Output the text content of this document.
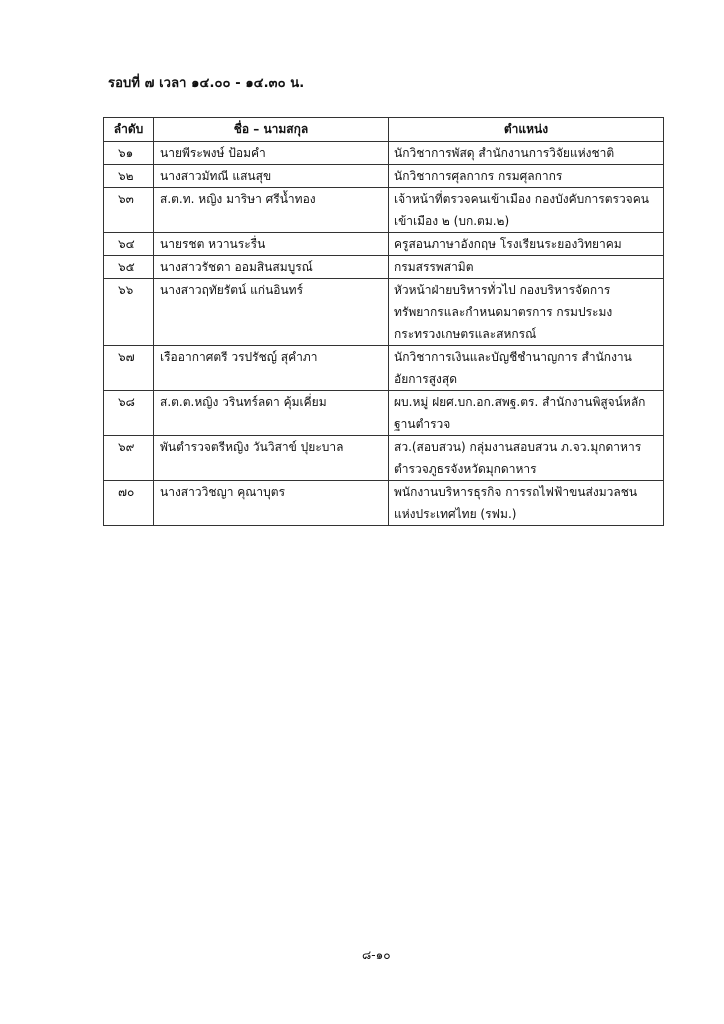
รอบที่ ๗ เวลา ๑๔.๐๐ - ๑๔.๓๐ น.
ลำดับ	ชื่อ – นามสกุล	ตำแหน่ง
๖๑	นายพีระพงษ์ ป้อมคำ	นักวิชาการพัสดุ สำนักงานการวิจัยแห่งชาติ
๖๒	นางสาวมัทณี แสนสุข	นักวิชาการศุลกากร กรมศุลกากร
๖๓	ส.ต.ท. หญิง มาริษา ศรีน้ำทอง	เจ้าหน้าที่ตรวจคนเข้าเมือง กองบังคับการตรวจคนเข้าเมือง ๒ (บก.ตม.๒)
๖๔	นายรชต หวานระรื่น	ครูสอนภาษาอังกฤษ โรงเรียนระยองวิทยาคม
๖๕	นางสาวรัชดา ออมสินสมบูรณ์	กรมสรรพสามิต
๖๖	นางสาวฤทัยรัตน์ แก่นอินทร์	หัวหน้าฝ่ายบริหารทั่วไป กองบริหารจัดการทรัพยากรและกำหนดมาตรการ กรมประมง กระทรวงเกษตรและสหกรณ์
๖๗	เรืออากาศตรี วรปรัชญ์ สุคำภา	นักวิชาการเงินและบัญชีชำนาญการ สำนักงานอัยการสูงสุด
๖๘	ส.ต.ต.หญิง วรินทร์ลดา คุ้มเคี่ยม	ผบ.หมู่ ฝยศ.บก.อก.สพฐ.ตร. สำนักงานพิสูจน์หลักฐานตำรวจ
๖๙	พันตำรวจตรีหญิง วันวิสาข์ ปุยะบาล	สว.(สอบสวน) กลุ่มงานสอบสวน ภ.จว.มุกดาหาร ตำรวจภูธรจังหวัดมุกดาหาร
๗๐	นางสาววิชญา คุณาบุตร	พนักงานบริหารธุรกิจ การรถไฟฟ้าขนส่งมวลชนแห่งประเทศไทย (รฟม.)
๘-๑๐
